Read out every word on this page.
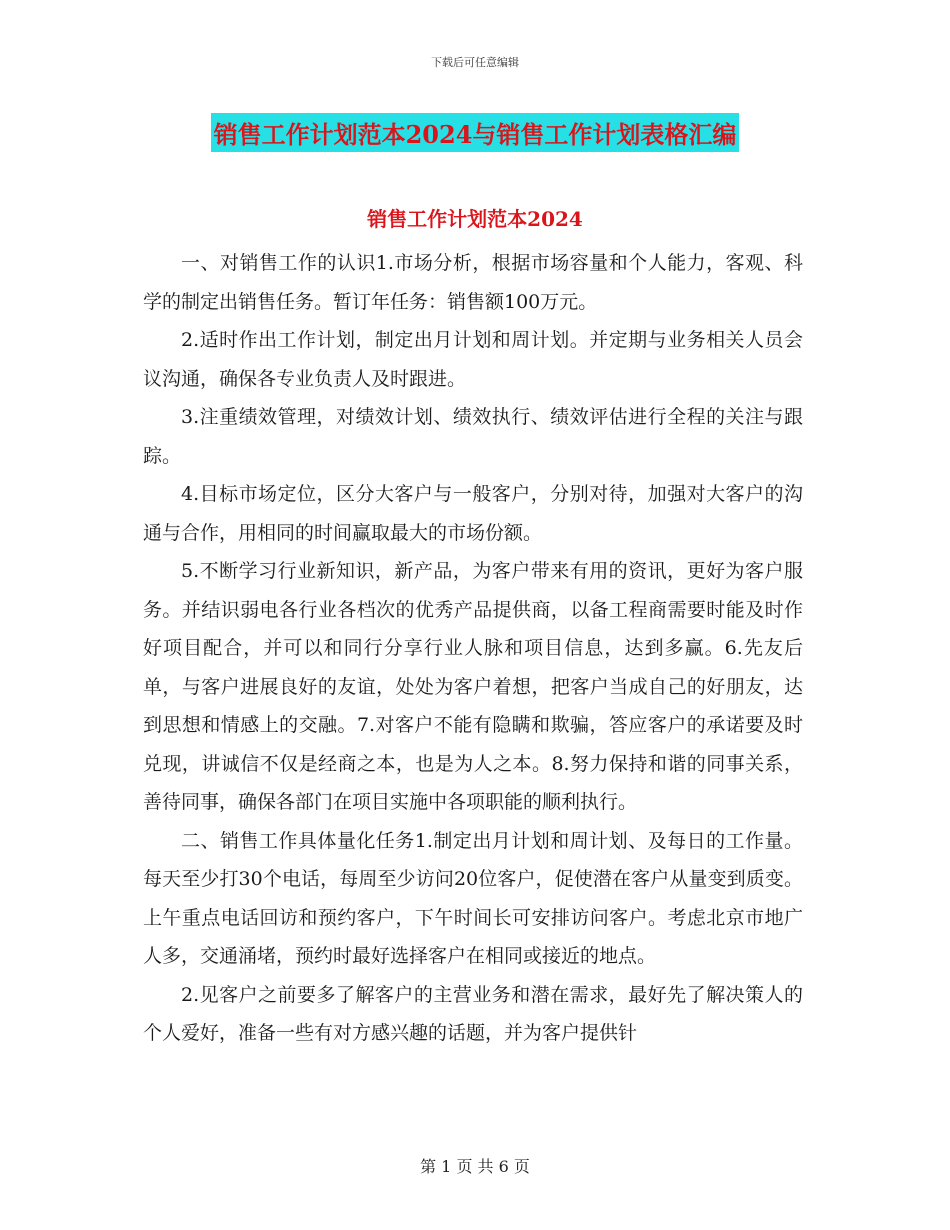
下载后可任意编辑
销售工作计划范本2024与销售工作计划表格汇编
销售工作计划范本2024

一、对销售工作的认识1.市场分析，根据市场容量和个人能力，客观、科学的制定出销售任务。暂订年任务：销售额100万元。

2.适时作出工作计划，制定出月计划和周计划。并定期与业务相关人员会议沟通，确保各专业负责人及时跟进。

3.注重绩效管理，对绩效计划、绩效执行、绩效评估进行全程的关注与跟踪。

4.目标市场定位，区分大客户与一般客户，分别对待，加强对大客户的沟通与合作，用相同的时间赢取最大的市场份额。

5.不断学习行业新知识，新产品，为客户带来有用的资讯，更好为客户服务。并结识弱电各行业各档次的优秀产品提供商，以备工程商需要时能及时作好项目配合，并可以和同行分享行业人脉和项目信息，达到多赢。6.先友后单，与客户进展良好的友谊，处处为客户着想，把客户当成自己的好朋友，达到思想和情感上的交融。7.对客户不能有隐瞒和欺骗，答应客户的承诺要及时兑现，讲诚信不仅是经商之本，也是为人之本。8.努力保持和谐的同事关系，善待同事，确保各部门在项目实施中各项职能的顺利执行。

二、销售工作具体量化任务1.制定出月计划和周计划、及每日的工作量。每天至少打30个电话，每周至少访问20位客户，促使潜在客户从量变到质变。上午重点电话回访和预约客户，下午时间长可安排访问客户。考虑北京市地广人多，交通涌堵，预约时最好选择客户在相同或接近的地点。

2.见客户之前要多了解客户的主营业务和潜在需求，最好先了解决策人的个人爱好，准备一些有对方感兴趣的话题，并为客户提供针

第 1 页 共 6 页
